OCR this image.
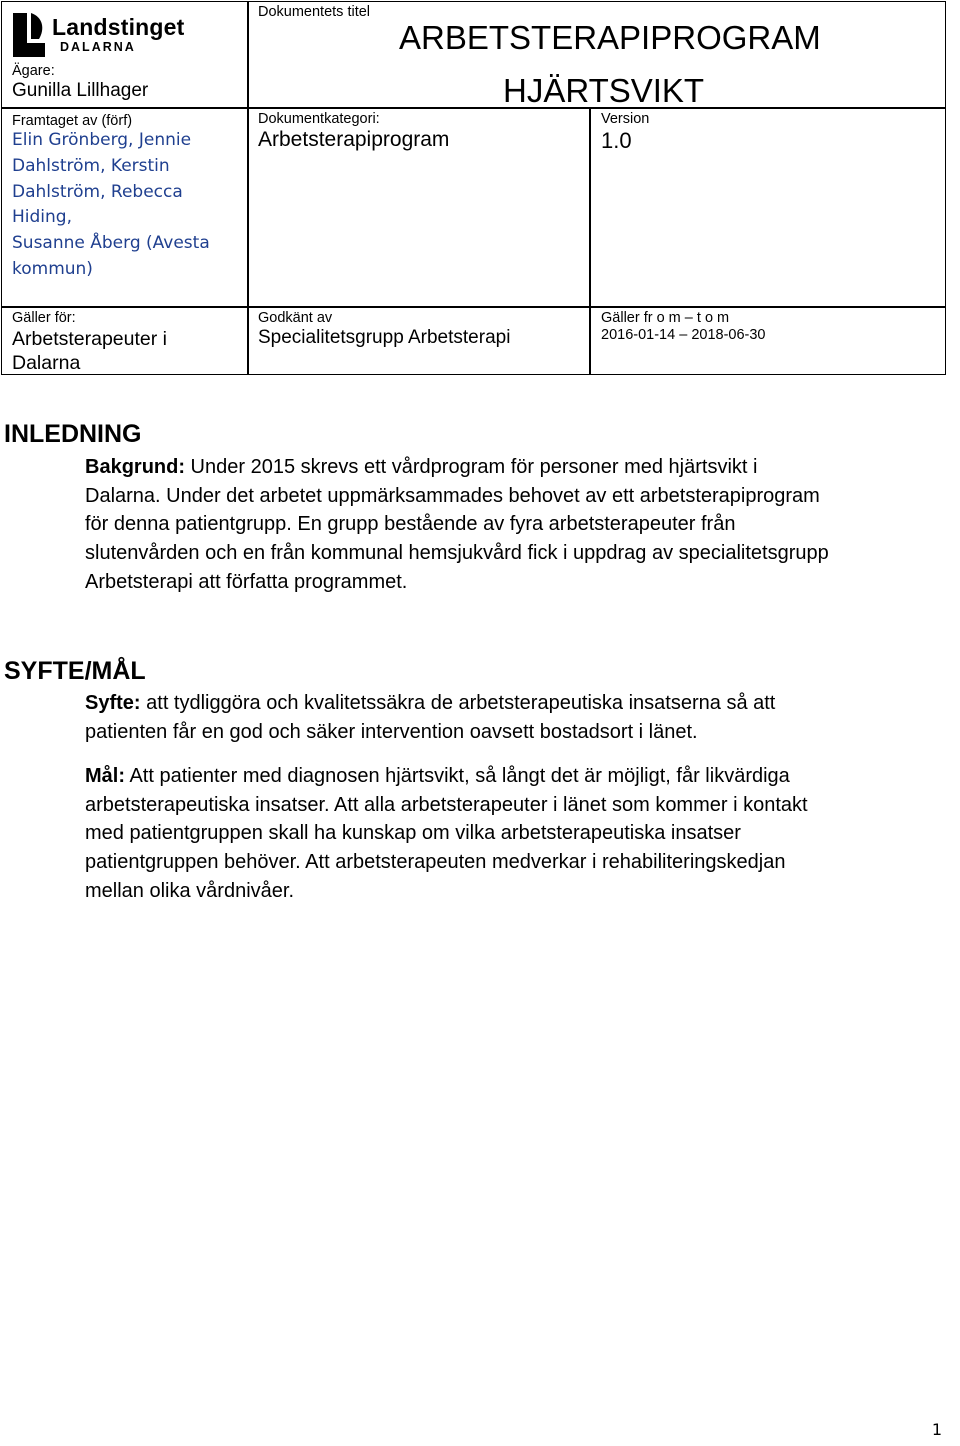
Landstinget
DALARNA
Ägare:
Gunilla Lillhager
Framtaget av (förf)
Elin Grönberg, Jennie
Dahlström, Kerstin
Dahlström, Rebecca
Hiding,
Susanne Åberg (Avesta
kommun)
Dokumentets titel
ARBETSTERAPIPROGRAM
HJÄRTSVIKT
Dokumentkategori:
Arbetsterapiprogram
Version
1.0
Gäller för:
Arbetsterapeuter i
Dalarna
Godkänt av
Specialitetsgrupp Arbetsterapi
Gäller fr o m – t o m
2016-01-14 – 2018-06-30
INLEDNING
Bakgrund: Under 2015 skrevs ett vårdprogram för personer med hjärtsvikt i
Dalarna. Under det arbetet uppmärksammades behovet av ett arbetsterapiprogram
för denna patientgrupp. En grupp bestående av fyra arbetsterapeuter från
slutenvården och en från kommunal hemsjukvård fick i uppdrag av specialitetsgrupp
Arbetsterapi att författa programmet.
SYFTE/MÅL
Syfte: att tydliggöra och kvalitetssäkra de arbetsterapeutiska insatserna så att
patienten får en god och säker intervention oavsett bostadsort i länet.
Mål: Att patienter med diagnosen hjärtsvikt, så långt det är möjligt, får likvärdiga
arbetsterapeutiska insatser. Att alla arbetsterapeuter i länet som kommer i kontakt
med patientgruppen skall ha kunskap om vilka arbetsterapeutiska insatser
patientgruppen behöver. Att arbetsterapeuten medverkar i rehabiliteringskedjan
mellan olika vårdnivåer.
1
